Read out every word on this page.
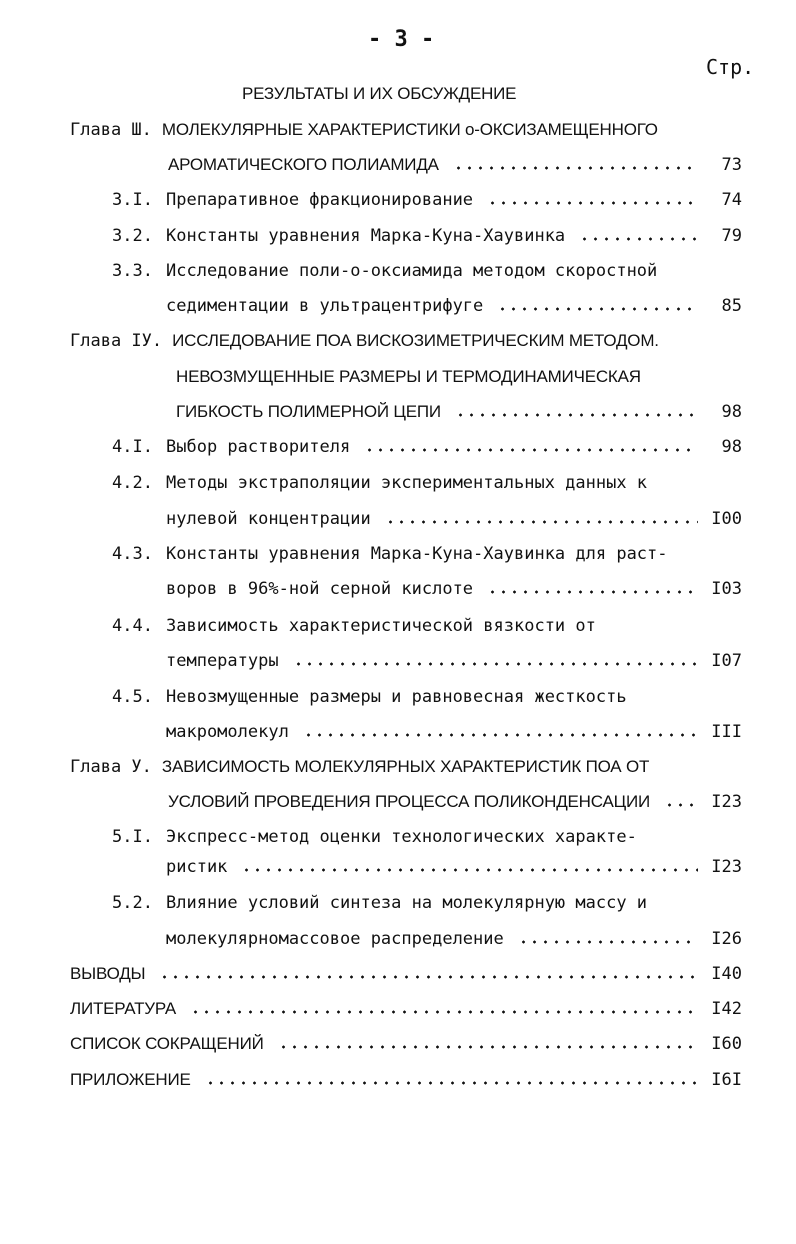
- 3 -
Стр.
РЕЗУЛЬТАТЫ И ИХ ОБСУЖДЕНИЕ
Глава Ш. МОЛЕКУЛЯРНЫЕ ХАРАКТЕРИСТИКИ о-ОКСИЗАМЕЩЕННОГО
АРОМАТИЧЕСКОГО ПОЛИАМИДА	73
3.I. Препаративное фракционирование	74
3.2. Константы уравнения Марка-Куна-Хаувинка	79
3.3. Исследование поли-о-оксиамида методом скоростной
седиментации в ультрацентрифуге	85
Глава IУ. ИССЛЕДОВАНИЕ ПОА ВИСКОЗИМЕТРИЧЕСКИМ МЕТОДОМ.
НЕВОЗМУЩЕННЫЕ РАЗМЕРЫ И ТЕРМОДИНАМИЧЕСКАЯ
ГИБКОСТЬ ПОЛИМЕРНОЙ ЦЕПИ	98
4.I. Выбор растворителя	98
4.2. Методы экстраполяции экспериментальных данных к
нулевой концентрации	I00
4.3. Константы уравнения Марка-Куна-Хаувинка для раст-
воров в 96%-ной серной кислоте	I03
4.4. Зависимость характеристической вязкости от
температуры	I07
4.5. Невозмущенные размеры и равновесная жесткость
макромолекул	III
Глава У. ЗАВИСИМОСТЬ МОЛЕКУЛЯРНЫХ ХАРАКТЕРИСТИК ПОА ОТ
УСЛОВИЙ ПРОВЕДЕНИЯ ПРОЦЕССА ПОЛИКОНДЕНСАЦИИ	I23
5.I. Экспресс-метод оценки технологических характе-
ристик	I23
5.2. Влияние условий синтеза на молекулярную массу и
молекулярномассовое распределение	I26
ВЫВОДЫ	I40
ЛИТЕРАТУРА	I42
СПИСОК СОКРАЩЕНИЙ	I60
ПРИЛОЖЕНИЕ	I6I
